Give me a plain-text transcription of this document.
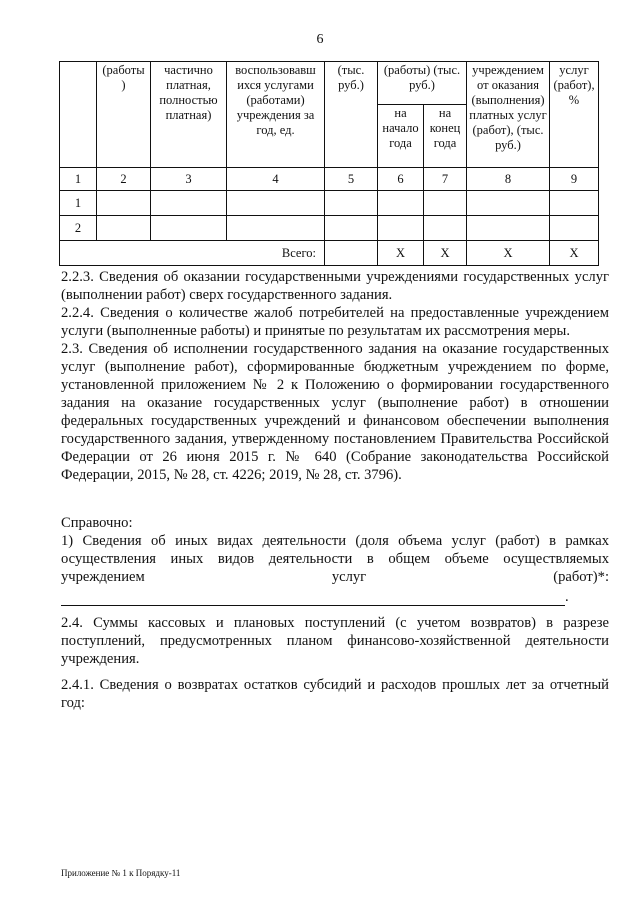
6
	(работы )	частично платная, полностью платная)	воспользовавш ихся услугами (работами) учреждения за год, ед.	(тыс. руб.)	(работы) (тыс. руб.)		учреждением от оказания (выполнения) платных услуг (работ), (тыс. руб.)	услуг (работ), %
					на начало года	на конец года		
1	2	3	4	5	6	7	8	9
1								
2								
Всего:					X	X	X	X

2.2.3. Сведения об оказании государственными учреждениями государственных услуг (выполнении работ) сверх государственного задания.

2.2.4. Сведения о количестве жалоб потребителей на предоставленные учреждением услуги (выполненные работы) и принятые по результатам их рассмотрения меры.

2.3. Сведения об исполнении государственного задания на оказание государственных услуг (выполнение работ), сформированные бюджетным учреждением по форме, установленной приложением № 2 к Положению о формировании государственного задания на оказание государственных услуг (выполнение работ) в отношении федеральных государственных учреждений и финансовом обеспечении выполнения государственного задания, утвержденному постановлением Правительства Российской Федерации от 26 июня 2015 г. № 640 (Собрание законодательства Российской Федерации, 2015, № 28, ст. 4226; 2019, № 28, ст. 3796).

Справочно:

1) Сведения об иных видах деятельности (доля объема услуг (работ) в рамках осуществления иных видов деятельности в общем объеме осуществляемых учреждением услуг (работ)*:

.

2.4. Суммы кассовых и плановых поступлений (с учетом возвратов) в разрезе поступлений, предусмотренных планом финансово-хозяйственной деятельности учреждения.

2.4.1. Сведения о возвратах остатков субсидий и расходов прошлых лет за отчетный год:

Приложение № 1 к Порядку-11
